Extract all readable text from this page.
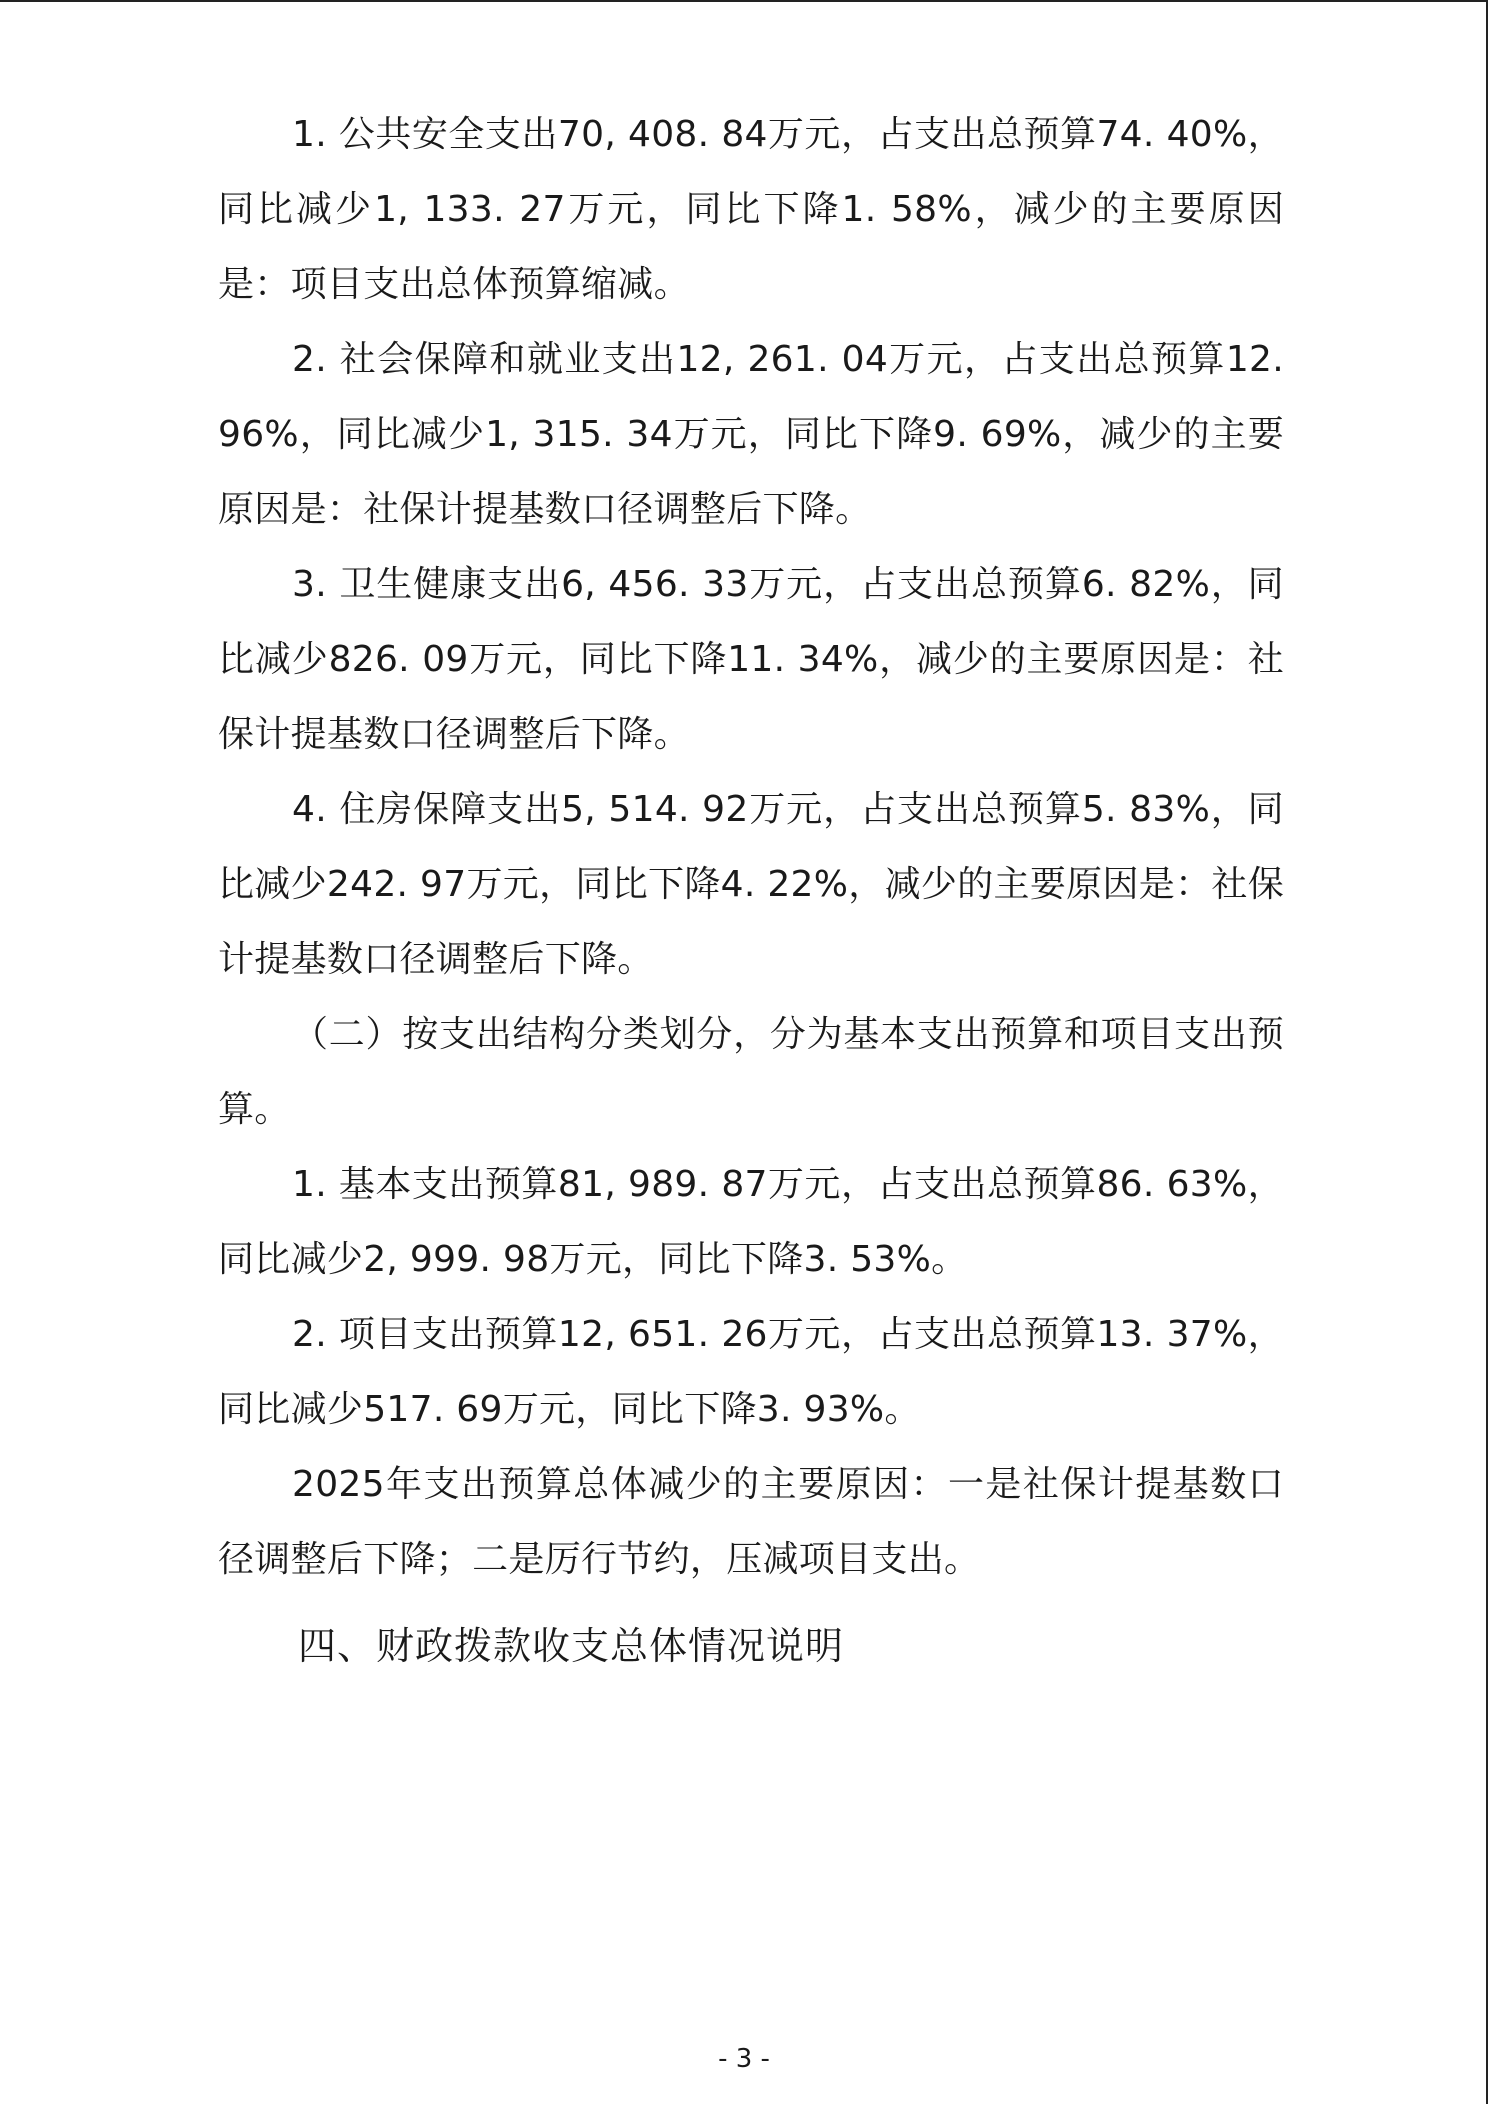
1. 公共安全支出70, 408. 84万元，占支出总预算74. 40%，同比减少1, 133. 27万元，同比下降1. 58%，减少的主要原因是：项目支出总体预算缩减。

2. 社会保障和就业支出12, 261. 04万元，占支出总预算12. 96%，同比减少1, 315. 34万元，同比下降9. 69%，减少的主要原因是：社保计提基数口径调整后下降。

3. 卫生健康支出6, 456. 33万元，占支出总预算6. 82%，同比减少826. 09万元，同比下降11. 34%，减少的主要原因是：社保计提基数口径调整后下降。

4. 住房保障支出5, 514. 92万元，占支出总预算5. 83%，同比减少242. 97万元，同比下降4. 22%，减少的主要原因是：社保计提基数口径调整后下降。

（二）按支出结构分类划分，分为基本支出预算和项目支出预算。

1. 基本支出预算81, 989. 87万元，占支出总预算86. 63%，同比减少2, 999. 98万元，同比下降3. 53%。

2. 项目支出预算12, 651. 26万元，占支出总预算13. 37%，同比减少517. 69万元，同比下降3. 93%。

2025年支出预算总体减少的主要原因：一是社保计提基数口径调整后下降；二是厉行节约，压减项目支出。

四、财政拨款收支总体情况说明

- 3 -
